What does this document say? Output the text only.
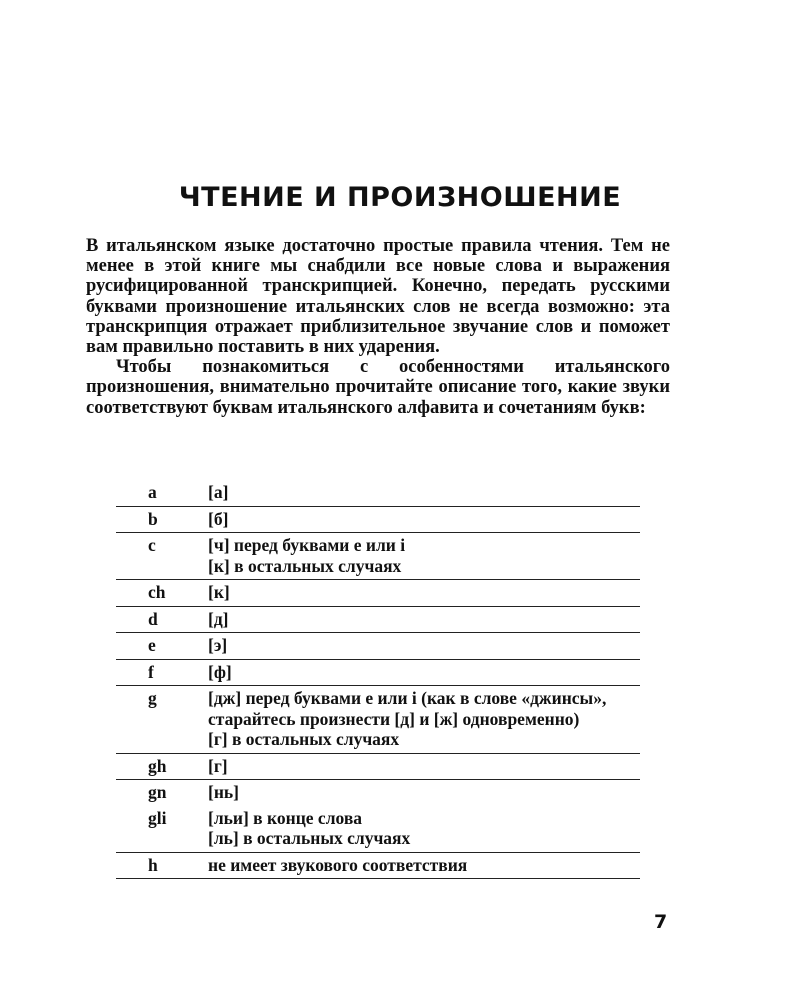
ЧТЕНИЕ И ПРОИЗНОШЕНИЕ

В итальянском языке достаточно простые правила чтения. Тем не менее в этой книге мы снабдили все новые слова и выражения русифицированной транскрипцией. Конечно, передать русскими буквами произношение итальянских слов не всегда возможно: эта транскрипция отражает приблизительное звучание слов и поможет вам правильно поставить в них ударения.

Чтобы познакомиться с особенностями итальянского произношения, внимательно прочитайте описание того, какие звуки соответствуют буквам итальянского алфавита и сочетаниям букв:

a	[а]

b	[б]

c	[ч] перед буквами e или i
[к] в остальных случаях

ch	[к]

d	[д]

e	[э]

f	[ф]

g	[дж] перед буквами e или i (как в слове «джинсы», старайтесь произнести [д] и [ж] одновременно)
[г] в остальных случаях

gh	[г]

gn	[нь]

gli	[льи] в конце слова
[ль] в остальных случаях

h	не имеет звукового соответствия
7
